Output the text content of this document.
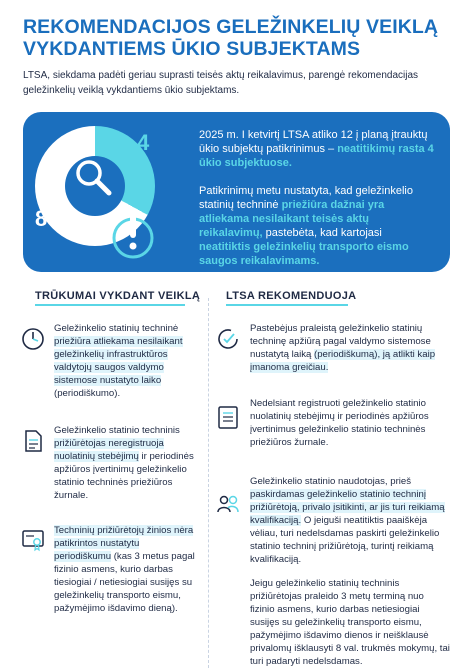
REKOMENDACIJOS GELEŽINKELIŲ VEIKLĄ
VYKDANTIEMS ŪKIO SUBJEKTAMS
LTSA, siekdama padėti geriau suprasti teisės aktų reikalavimus, parengė rekomendacijas geležinkelių veiklą vykdantiems ūkio subjektams.
4
8
2025 m. I ketvirtį LTSA atliko 12 į planą įtrauktų ūkio subjektų patikrinimus – neatitikimų rasta 4 ūkio subjektuose.
Patikrinimų metu nustatyta, kad geležinkelio statinių techninė priežiūra dažnai yra atliekama nesilaikant teisės aktų reikalavimų, pastebėta, kad kartojasi neatitiktis geležinkelių transporto eismo saugos reikalavimams.
TRŪKUMAI VYKDANT VEIKLĄ LTSA REKOMENDUOJA
Geležinkelio statinių techninė priežiūra atliekama nesilaikant geležinkelių infrastruktūros valdytojų saugos valdymo sistemose nustatyto laiko (periodiškumo).
Geležinkelio statinio techninis prižiūrėtojas neregistruoja nuolatinių stebėjimų ir periodinės apžiūros įvertinimų geležinkelio statinio techninės priežiūros žurnale.
Techninių prižiūrėtojų žinios nėra patikrintos nustatytu periodiškumu (kas 3 metus pagal fizinio asmens, kurio darbas tiesiogiai / netiesiogiai susijęs su geležinkelių transporto eismu, pažymėjimo išdavimo dieną).
Pastebėjus praleistą geležinkelio statinių techninę apžiūrą pagal valdymo sistemose nustatytą laiką (periodiškumą), ją atlikti kaip įmanoma greičiau.
Nedelsiant registruoti geležinkelio statinio nuolatinių stebėjimų ir periodinės apžiūros įvertinimus geležinkelio statinio techninės priežiūros žurnale.
Geležinkelio statinio naudotojas, prieš paskirdamas geležinkelio statinio techninį prižiūrėtoją, privalo įsitikinti, ar jis turi reikiamą kvalifikaciją. O jeiguši neatitiktis paaiškėja vėliau, turi nedelsdamas paskirti geležinkelio statinio techninį prižiūrėtoją, turintį reikiamą kvalifikaciją.
Jeigu geležinkelio statinių techninis prižiūrėtojas praleido 3 metų terminą nuo fizinio asmens, kurio darbas netiesiogiai susijęs su geležinkelių transporto eismu, pažymėjimo išdavimo dienos ir neišklausė privalomų išklausyti 8 val. trukmės mokymų, tai turi padaryti nedelsdamas.
